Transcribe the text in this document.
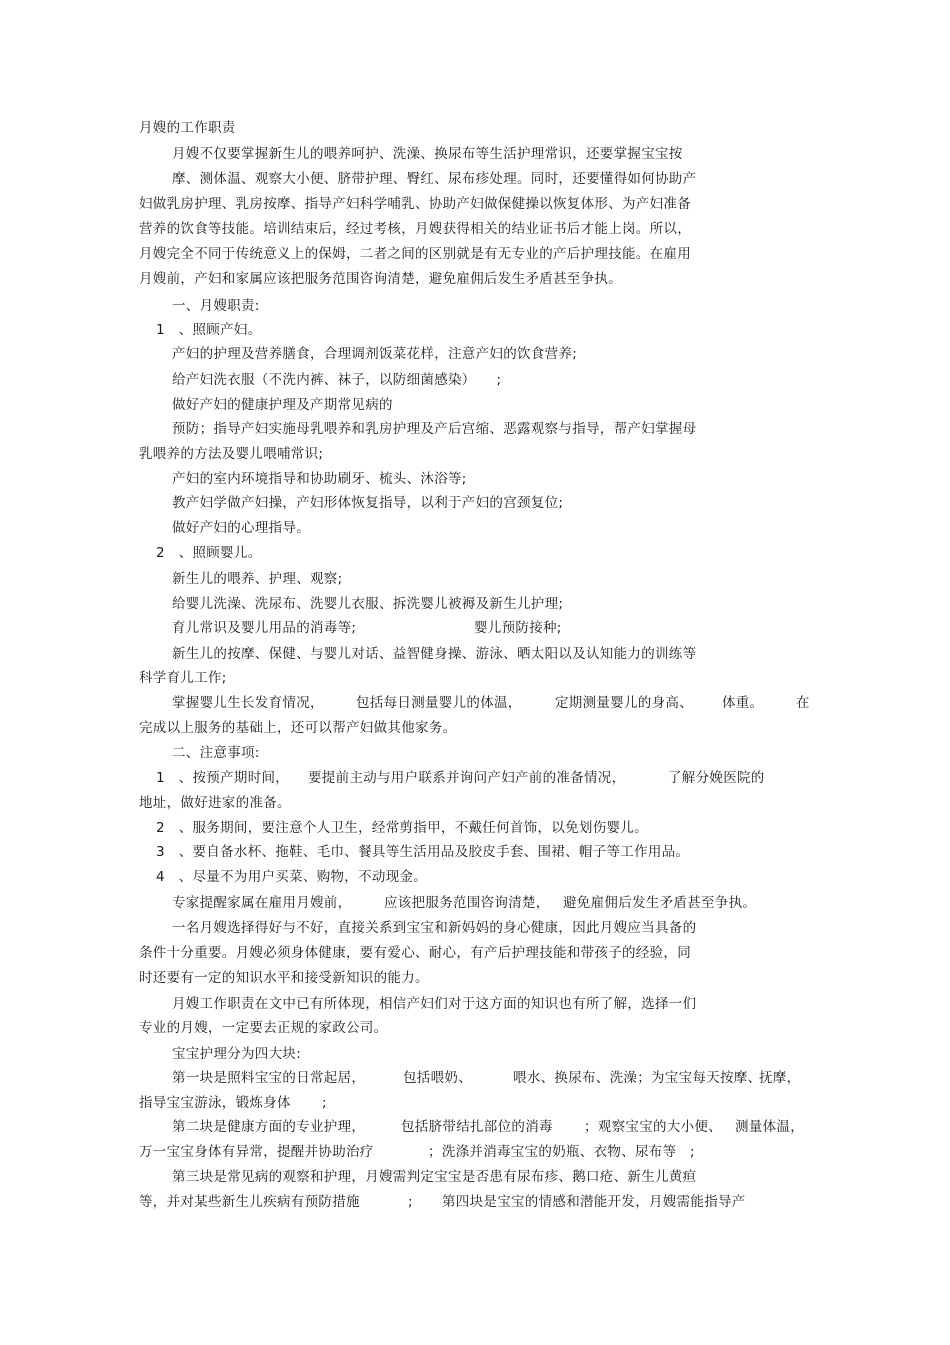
月嫂的工作职责

月嫂不仅要掌握新生儿的喂养呵护、洗澡、换尿布等生活护理常识，还要掌握宝宝按
摩、测体温、观察大小便、脐带护理、臀红、尿布疹处理。同时，还要懂得如何协助产
妇做乳房护理、乳房按摩、指导产妇科学哺乳、协助产妇做保健操以恢复体形、为产妇准备
营养的饮食等技能。培训结束后，经过考核，月嫂获得相关的结业证书后才能上岗。所以，
月嫂完全不同于传统意义上的保姆，二者之间的区别就是有无专业的产后护理技能。在雇用
月嫂前，产妇和家属应该把服务范围咨询清楚，避免雇佣后发生矛盾甚至争执。
一、月嫂职责:
1　、照顾产妇。
产妇的护理及营养膳食，合理调剂饭菜花样，注意产妇的饮食营养;
给产妇洗衣服（不洗内裤、袜子，以防细菌感染）　　;
做好产妇的健康护理及产期常见病的
预防；指导产妇实施母乳喂养和乳房护理及产后宫缩、恶露观察与指导，帮产妇掌握母
乳喂养的方法及婴儿喂哺常识;
产妇的室内环境指导和协助刷牙、梳头、沐浴等;
教产妇学做产妇操，产妇形体恢复指导，以利于产妇的宫颈复位;
做好产妇的心理指导。
2　、照顾婴儿。
新生儿的喂养、护理、观察;
给婴儿洗澡、洗尿布、洗婴儿衣服、拆洗婴儿被褥及新生儿护理;
育儿常识及婴儿用品的消毒等;	婴儿预防接种;
新生儿的按摩、保健、与婴儿对话、益智健身操、游泳、晒太阳以及认知能力的训练等
科学育儿工作;
掌握婴儿生长发育情况， 包括每日测量婴儿的体温， 定期测量婴儿的身高、 体重。 在
完成以上服务的基础上，还可以帮产妇做其他家务。
二、注意事项:
1　、按预产期时间， 要提前主动与用户联系并询问产妇产前的准备情况，	了解分娩医院的
地址，做好进家的准备。
2　、服务期间，要注意个人卫生，经常剪指甲，不戴任何首饰，以免划伤婴儿。
3　、要自备水杯、拖鞋、毛巾、餐具等生活用品及胶皮手套、围裙、帽子等工作用品。
4　、尽量不为用户买菜、购物，不动现金。
专家提醒家属在雇用月嫂前， 应该把服务范围咨询清楚， 避免雇佣后发生矛盾甚至争执。
一名月嫂选择得好与不好，直接关系到宝宝和新妈妈的身心健康，因此月嫂应当具备的
条件十分重要。月嫂必须身体健康，要有爱心、耐心，有产后护理技能和带孩子的经验，同
时还要有一定的知识水平和接受新知识的能力。
月嫂工作职责在文中已有所体现，相信产妇们对于这方面的知识也有所了解，选择一们
专业的月嫂，一定要去正规的家政公司。
宝宝护理分为四大块:
第一块是照料宝宝的日常起居，	包括喂奶、	喂水、换尿布、洗澡；为宝宝每天按摩、
抚摩，
指导宝宝游泳，锻炼身体 ;
第二块是健康方面的专业护理，	包括脐带结扎部位的消毒 ；观察宝宝的大小便、 测量体温，
万一宝宝身体有异常，提醒并协助治疗	；洗涤并消毒宝宝的奶瓶、衣物、尿布等 ;
第三块是常见病的观察和护理，月嫂需判定宝宝是否患有尿布疹、鹅口疮、新生儿黄疸
等，并对某些新生儿疾病有预防措施	; 第四块是宝宝的情感和潜能开发，月嫂需能指导产
